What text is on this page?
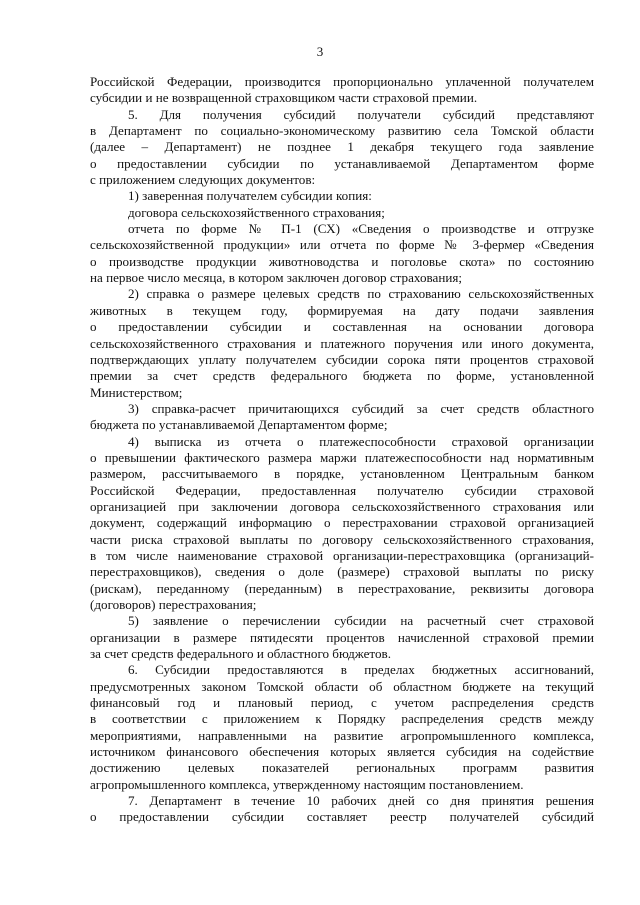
3

Российской Федерации, производится пропорционально уплаченной получателем

субсидии и не возвращенной страховщиком части страховой премии.

5. Для получения субсидий получатели субсидий представляют

в Департамент по социально-экономическому развитию села Томской области

(далее – Департамент) не позднее 1 декабря текущего года заявление

о предоставлении субсидии по устанавливаемой Департаментом форме

с приложением следующих документов:

1) заверенная получателем субсидии копия:

договора сельскохозяйственного страхования;

отчета по форме № П-1 (СХ) «Сведения о производстве и отгрузке

сельскохозяйственной продукции» или отчета по форме № 3-фермер «Сведения

о производстве продукции животноводства и поголовье скота» по состоянию

на первое число месяца, в котором заключен договор страхования;

2) справка о размере целевых средств по страхованию сельскохозяйственных

животных в текущем году, формируемая на дату подачи заявления

о предоставлении субсидии и составленная на основании договора

сельскохозяйственного страхования и платежного поручения или иного документа,

подтверждающих уплату получателем субсидии сорока пяти процентов страховой

премии за счет средств федерального бюджета по форме, установленной

Министерством;

3) справка-расчет причитающихся субсидий за счет средств областного

бюджета по устанавливаемой Департаментом форме;

4) выписка из отчета о платежеспособности страховой организации

о превышении фактического размера маржи платежеспособности над нормативным

размером, рассчитываемого в порядке, установленном Центральным банком

Российской Федерации, предоставленная получателю субсидии страховой

организацией при заключении договора сельскохозяйственного страхования или

документ, содержащий информацию о перестраховании страховой организацией

части риска страховой выплаты по договору сельскохозяйственного страхования,

в том числе наименование страховой организации-перестраховщика (организаций-

перестраховщиков), сведения о доле (размере) страховой выплаты по риску

(рискам), переданному (переданным) в перестрахование, реквизиты договора

(договоров) перестрахования;

5) заявление о перечислении субсидии на расчетный счет страховой

организации в размере пятидесяти процентов начисленной страховой премии

за счет средств федерального и областного бюджетов.

6. Субсидии предоставляются в пределах бюджетных ассигнований,

предусмотренных законом Томской области об областном бюджете на текущий

финансовый год и плановый период, с учетом распределения средств

в соответствии с приложением к Порядку распределения средств между

мероприятиями, направленными на развитие агропромышленного комплекса,

источником финансового обеспечения которых является субсидия на содействие

достижению целевых показателей региональных программ развития

агропромышленного комплекса, утвержденному настоящим постановлением.

7. Департамент в течение 10 рабочих дней со дня принятия решения

о предоставлении субсидии составляет реестр получателей субсидий
